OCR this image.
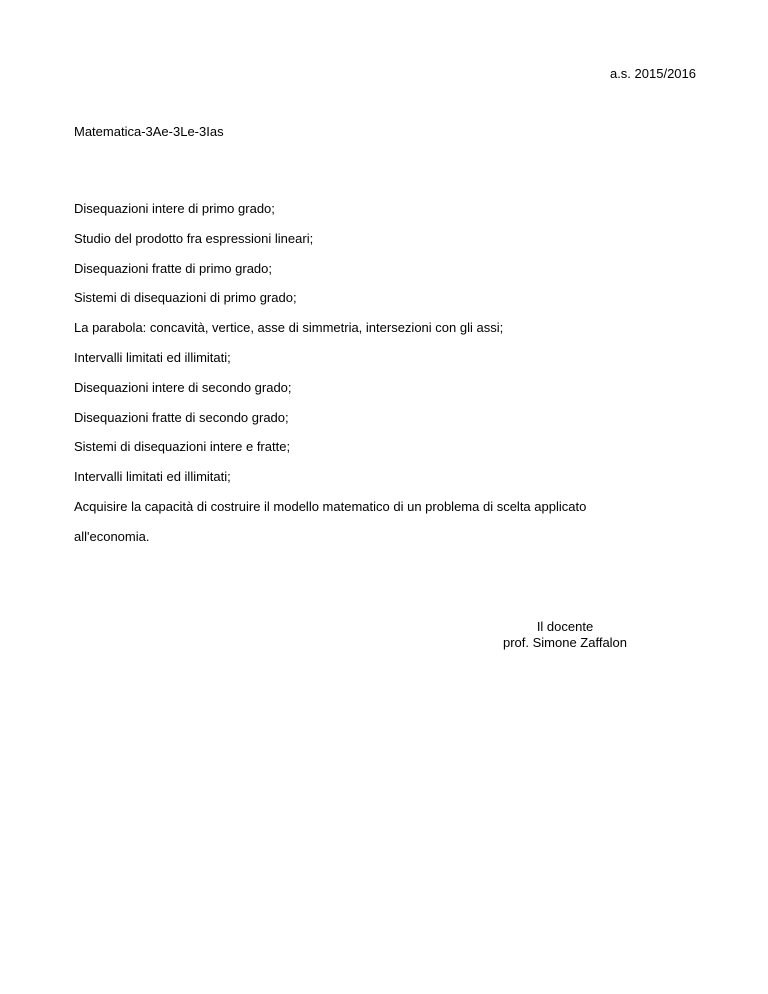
a.s. 2015/2016
Matematica-3Ae-3Le-3Ias
Disequazioni intere di primo grado;
Studio del prodotto fra espressioni lineari;
Disequazioni fratte di primo grado;
Sistemi di disequazioni di primo grado;
La parabola: concavità, vertice, asse di simmetria, intersezioni con gli assi;
Intervalli limitati ed illimitati;
Disequazioni intere di secondo grado;
Disequazioni fratte di secondo grado;
Sistemi di disequazioni intere e fratte;
Intervalli limitati ed illimitati;
Acquisire la capacità di costruire il modello matematico di un problema di scelta applicato
all'economia.
Il docente
prof. Simone Zaffalon
